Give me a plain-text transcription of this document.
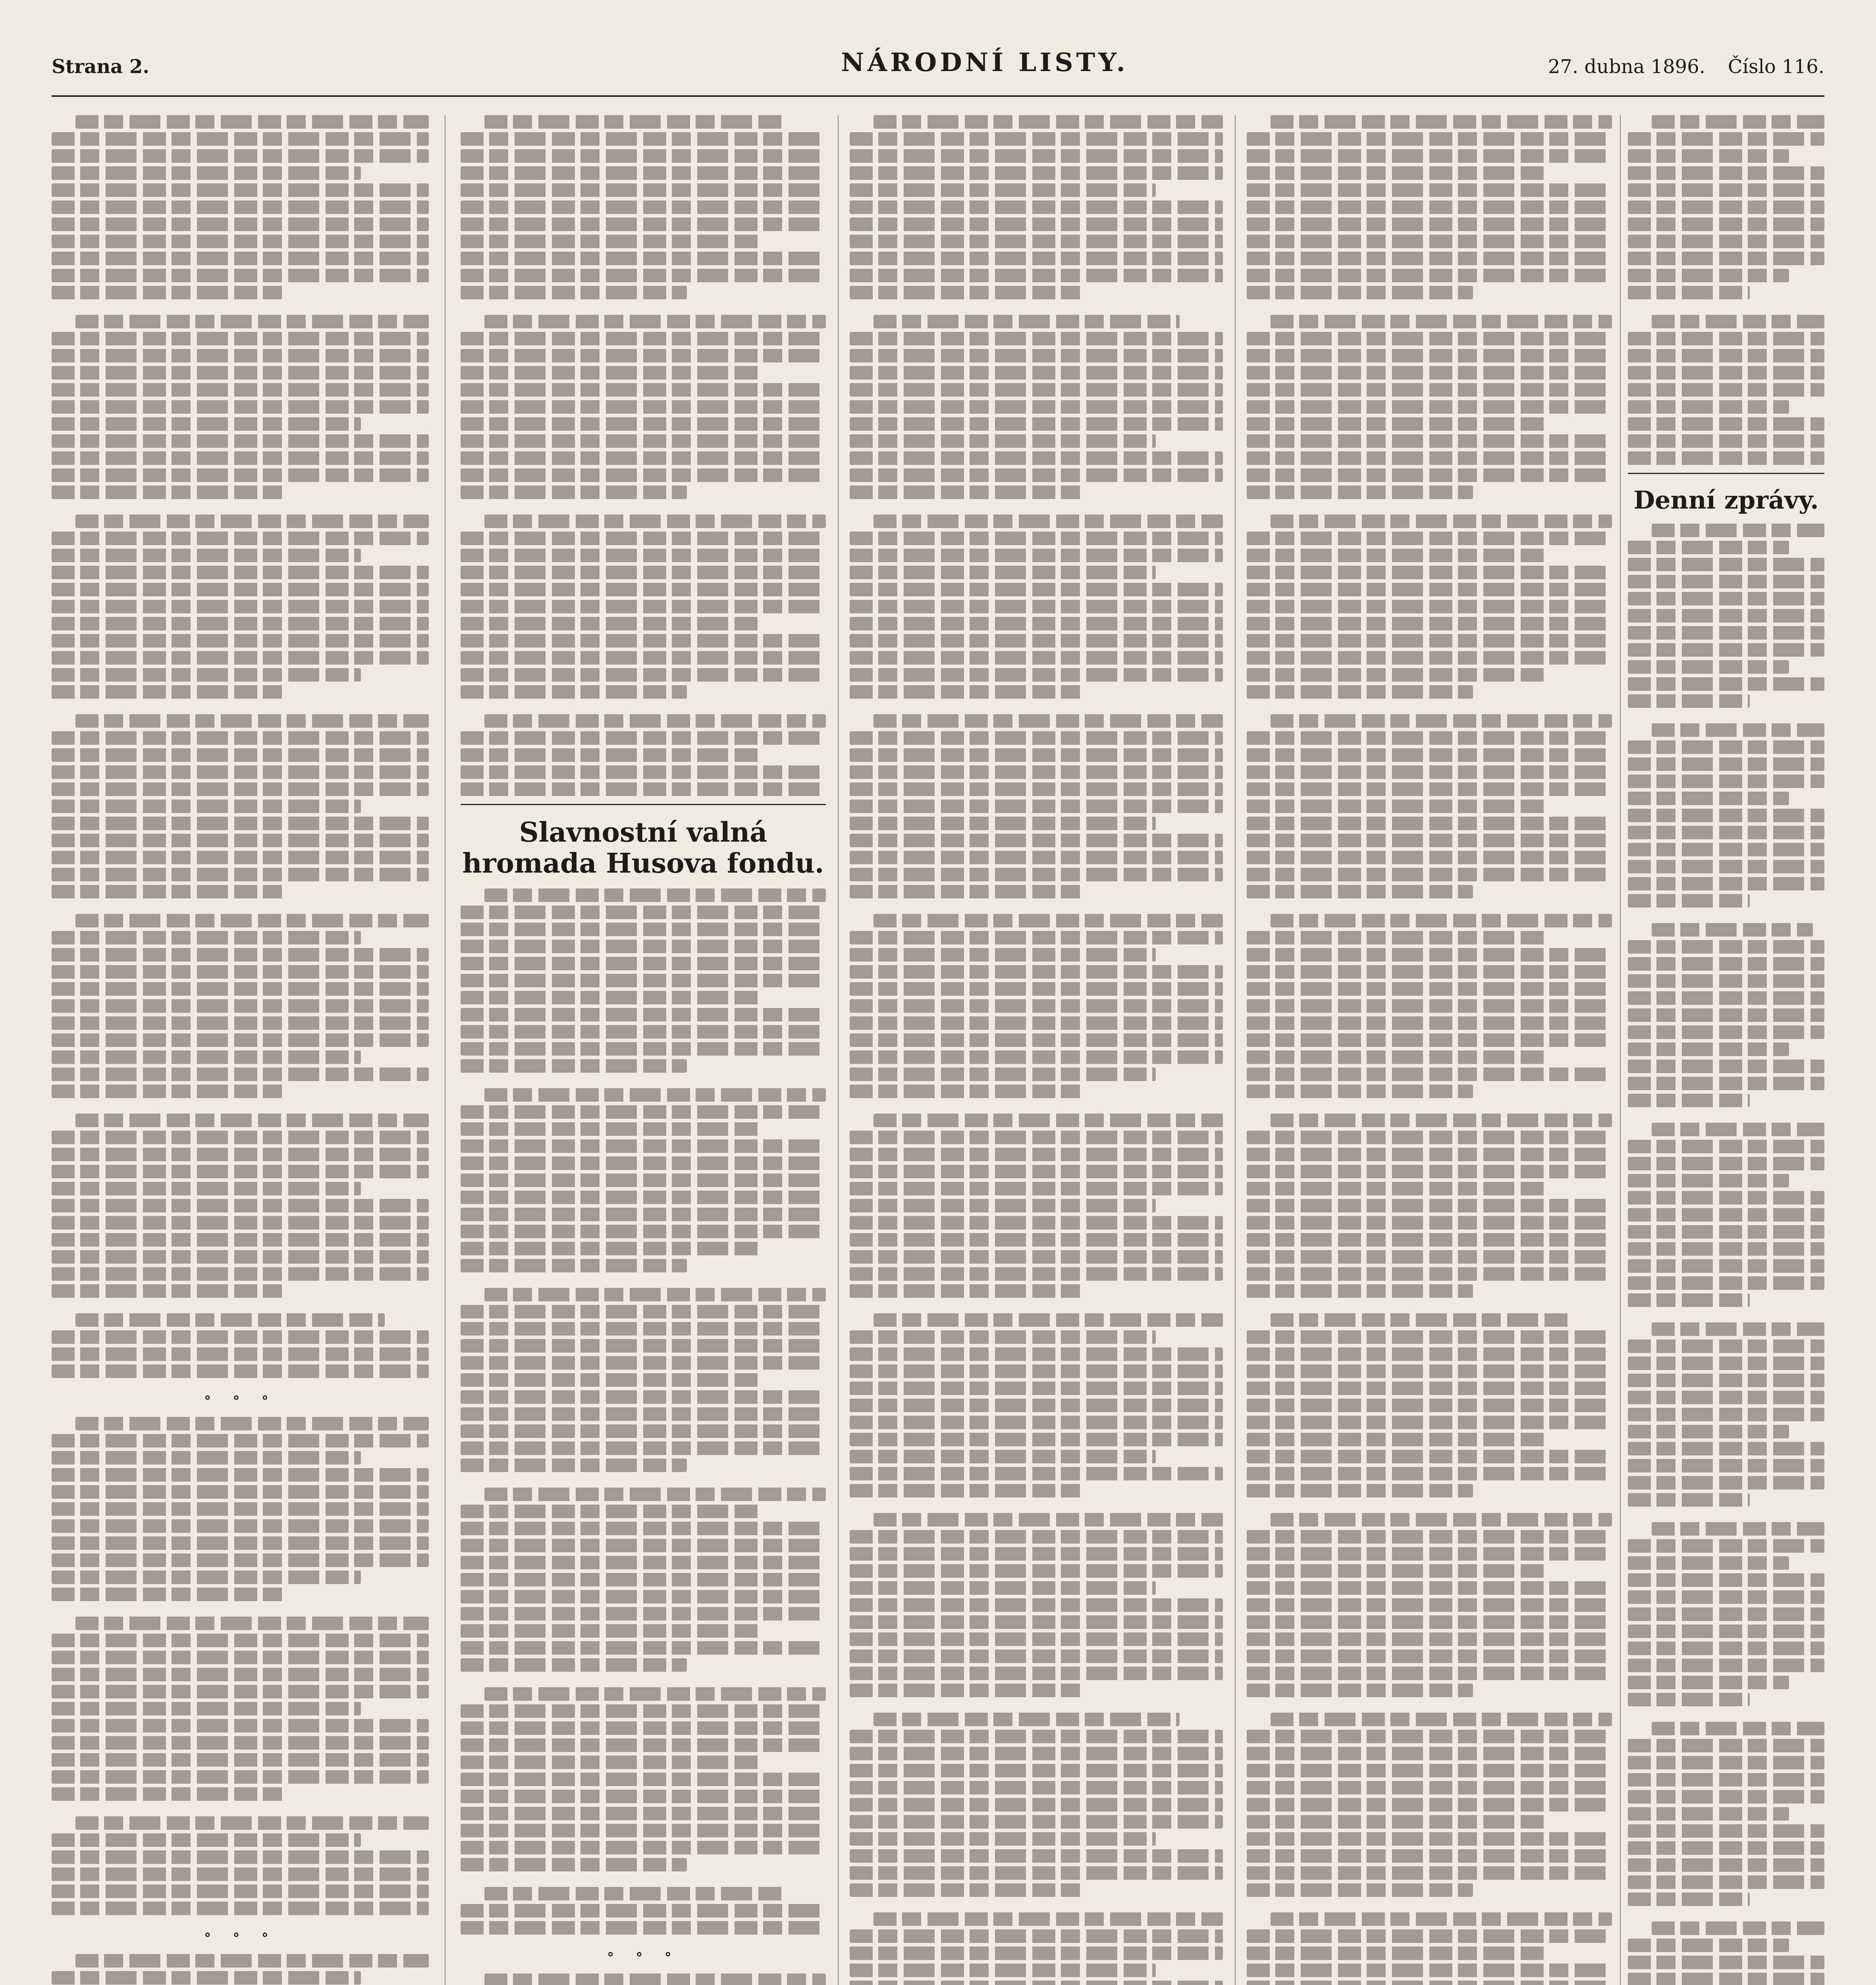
Strana 2.	NÁRODNÍ LISTY.	27. dubna 1896. Číslo 116.
∘ ∘ ∘
∘ ∘ ∘
Slavnostní valná hromada Husova fondu.
∘ ∘ ∘
Denní zprávy.
